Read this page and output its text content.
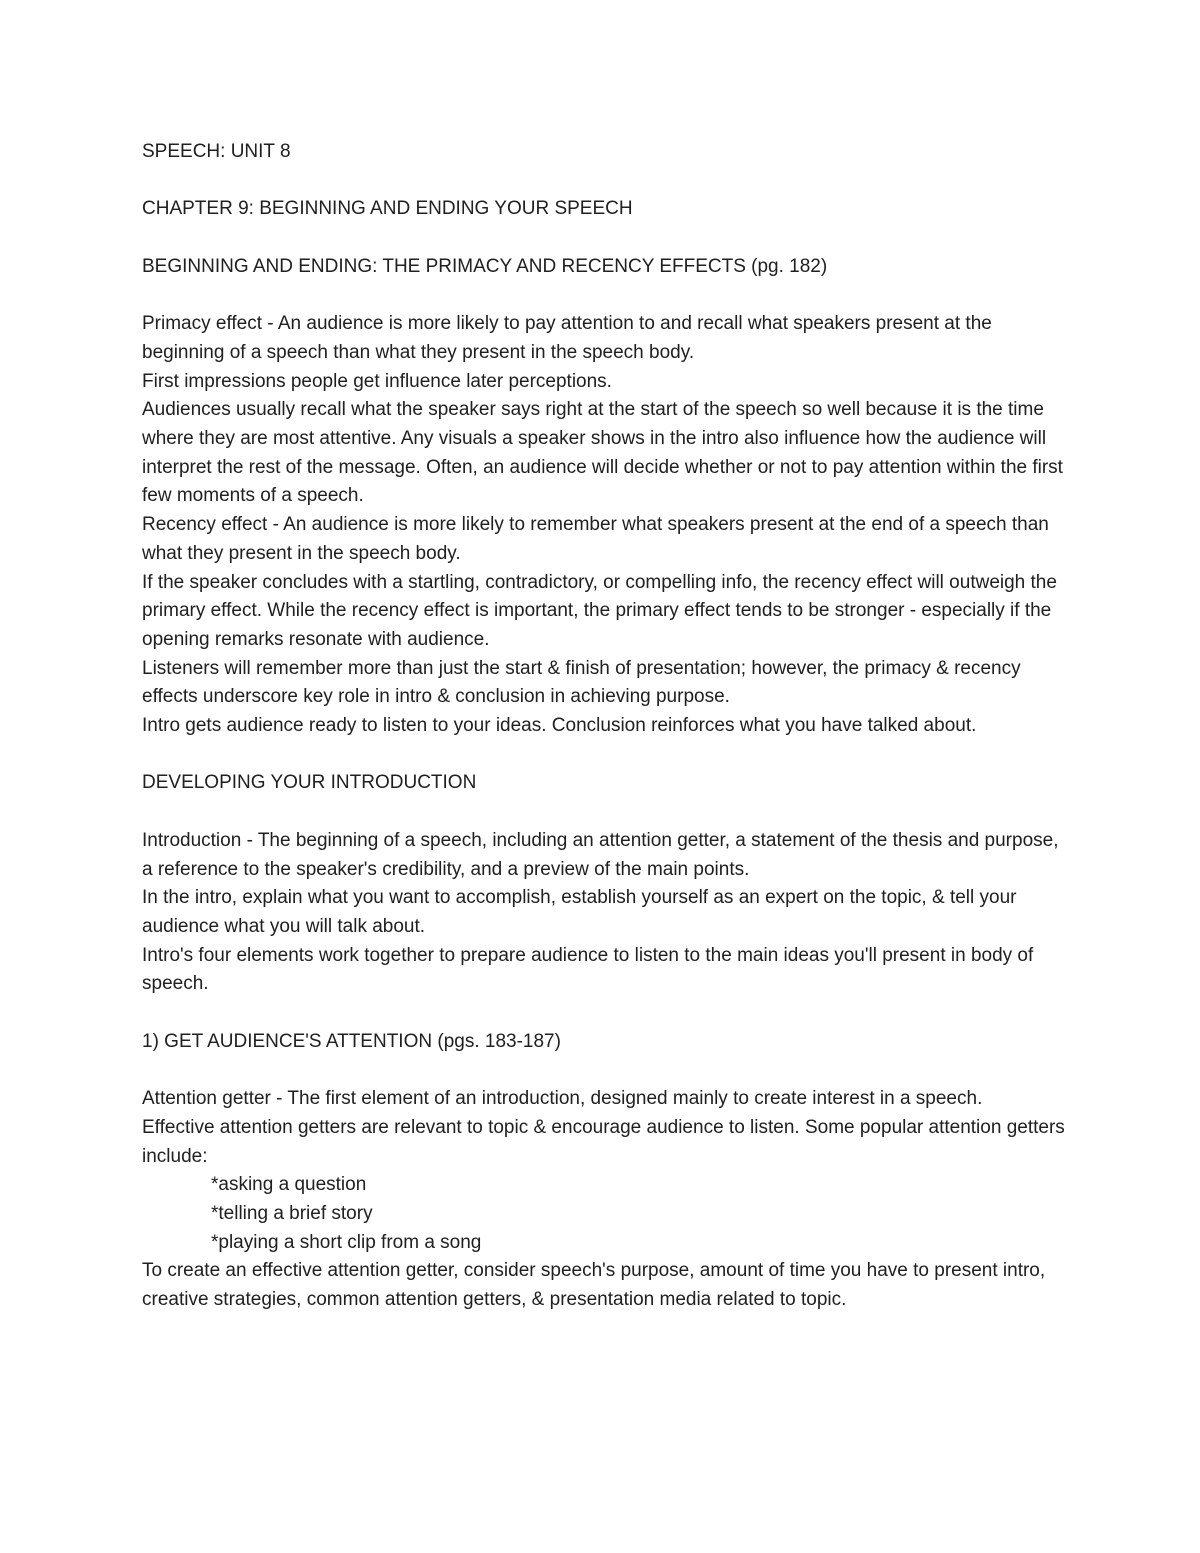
SPEECH: UNIT 8
CHAPTER 9: BEGINNING AND ENDING YOUR SPEECH
BEGINNING AND ENDING: THE PRIMACY AND RECENCY EFFECTS (pg. 182)
Primacy effect - An audience is more likely to pay attention to and recall what speakers present at the beginning of a speech than what they present in the speech body.
First impressions people get influence later perceptions.
Audiences usually recall what the speaker says right at the start of the speech so well because it is the time where they are most attentive. Any visuals a speaker shows in the intro also influence how the audience will interpret the rest of the message. Often, an audience will decide whether or not to pay attention within the first few moments of a speech.
Recency effect - An audience is more likely to remember what speakers present at the end of a speech than what they present in the speech body.
If the speaker concludes with a startling, contradictory, or compelling info, the recency effect will outweigh the primary effect. While the recency effect is important, the primary effect tends to be stronger - especially if the opening remarks resonate with audience.
Listeners will remember more than just the start & finish of presentation; however, the primacy & recency effects underscore key role in intro & conclusion in achieving purpose.
Intro gets audience ready to listen to your ideas. Conclusion reinforces what you have talked about.
DEVELOPING YOUR INTRODUCTION
Introduction - The beginning of a speech, including an attention getter, a statement of the thesis and purpose, a reference to the speaker's credibility, and a preview of the main points.
In the intro, explain what you want to accomplish, establish yourself as an expert on the topic, & tell your audience what you will talk about.
Intro's four elements work together to prepare audience to listen to the main ideas you'll present in body of speech.
1) GET AUDIENCE'S ATTENTION (pgs. 183-187)
Attention getter - The first element of an introduction, designed mainly to create interest in a speech.
Effective attention getters are relevant to topic & encourage audience to listen. Some popular attention getters include:
*asking a question
*telling a brief story
*playing a short clip from a song
To create an effective attention getter, consider speech's purpose, amount of time you have to present intro, creative strategies, common attention getters, & presentation media related to topic.
